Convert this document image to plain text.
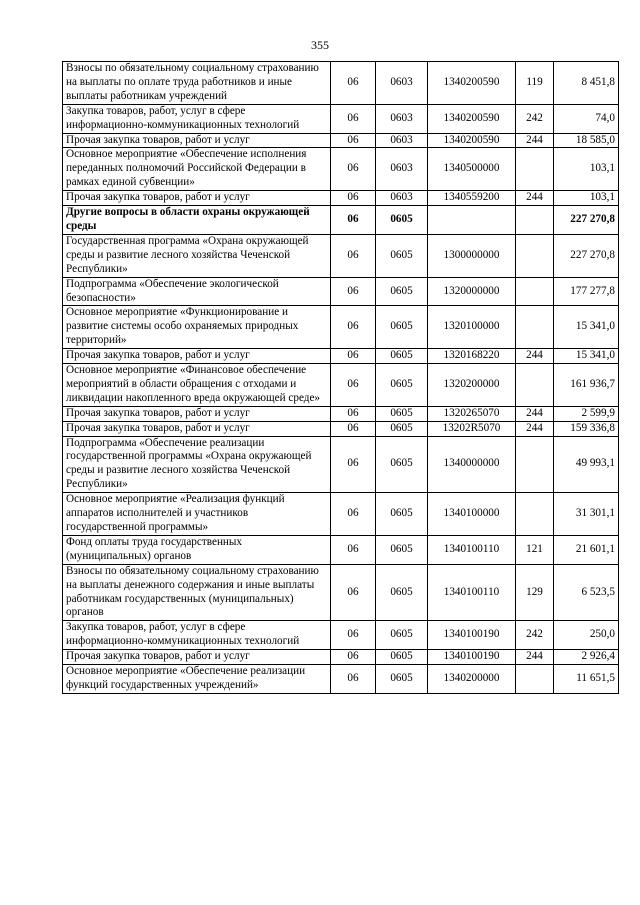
355
Взносы по обязательному социальному страхованию на выплаты по оплате труда работников и иные выплаты работникам учреждений	06	0603	1340200590	119	8 451,8
Закупка товаров, работ, услуг в сфере информационно-коммуникационных технологий	06	0603	1340200590	242	74,0
Прочая закупка товаров, работ и услуг	06	0603	1340200590	244	18 585,0
Основное мероприятие «Обеспечение исполнения переданных полномочий Российской Федерации в рамках единой субвенции»	06	0603	1340500000		103,1
Прочая закупка товаров, работ и услуг	06	0603	1340559200	244	103,1
Другие вопросы в области охраны окружающей среды	06	0605			227 270,8
Государственная программа «Охрана окружающей среды и развитие лесного хозяйства Чеченской Республики»	06	0605	1300000000		227 270,8
Подпрограмма «Обеспечение экологической безопасности»	06	0605	1320000000		177 277,8
Основное мероприятие «Функционирование и развитие системы особо охраняемых природных территорий»	06	0605	1320100000		15 341,0
Прочая закупка товаров, работ и услуг	06	0605	1320168220	244	15 341,0
Основное мероприятие «Финансовое обеспечение мероприятий в области обращения с отходами и ликвидации накопленного вреда окружающей среде»	06	0605	1320200000		161 936,7
Прочая закупка товаров, работ и услуг	06	0605	1320265070	244	2 599,9
Прочая закупка товаров, работ и услуг	06	0605	13202R5070	244	159 336,8
Подпрограмма «Обеспечение реализации государственной программы «Охрана окружающей среды и развитие лесного хозяйства Чеченской Республики»	06	0605	1340000000		49 993,1
Основное мероприятие «Реализация функций аппаратов исполнителей и участников государственной программы»	06	0605	1340100000		31 301,1
Фонд оплаты труда государственных (муниципальных) органов	06	0605	1340100110	121	21 601,1
Взносы по обязательному социальному страхованию на выплаты денежного содержания и иные выплаты работникам государственных (муниципальных) органов	06	0605	1340100110	129	6 523,5
Закупка товаров, работ, услуг в сфере информационно-коммуникационных технологий	06	0605	1340100190	242	250,0
Прочая закупка товаров, работ и услуг	06	0605	1340100190	244	2 926,4
Основное мероприятие «Обеспечение реализации функций государственных учреждений»	06	0605	1340200000		11 651,5
